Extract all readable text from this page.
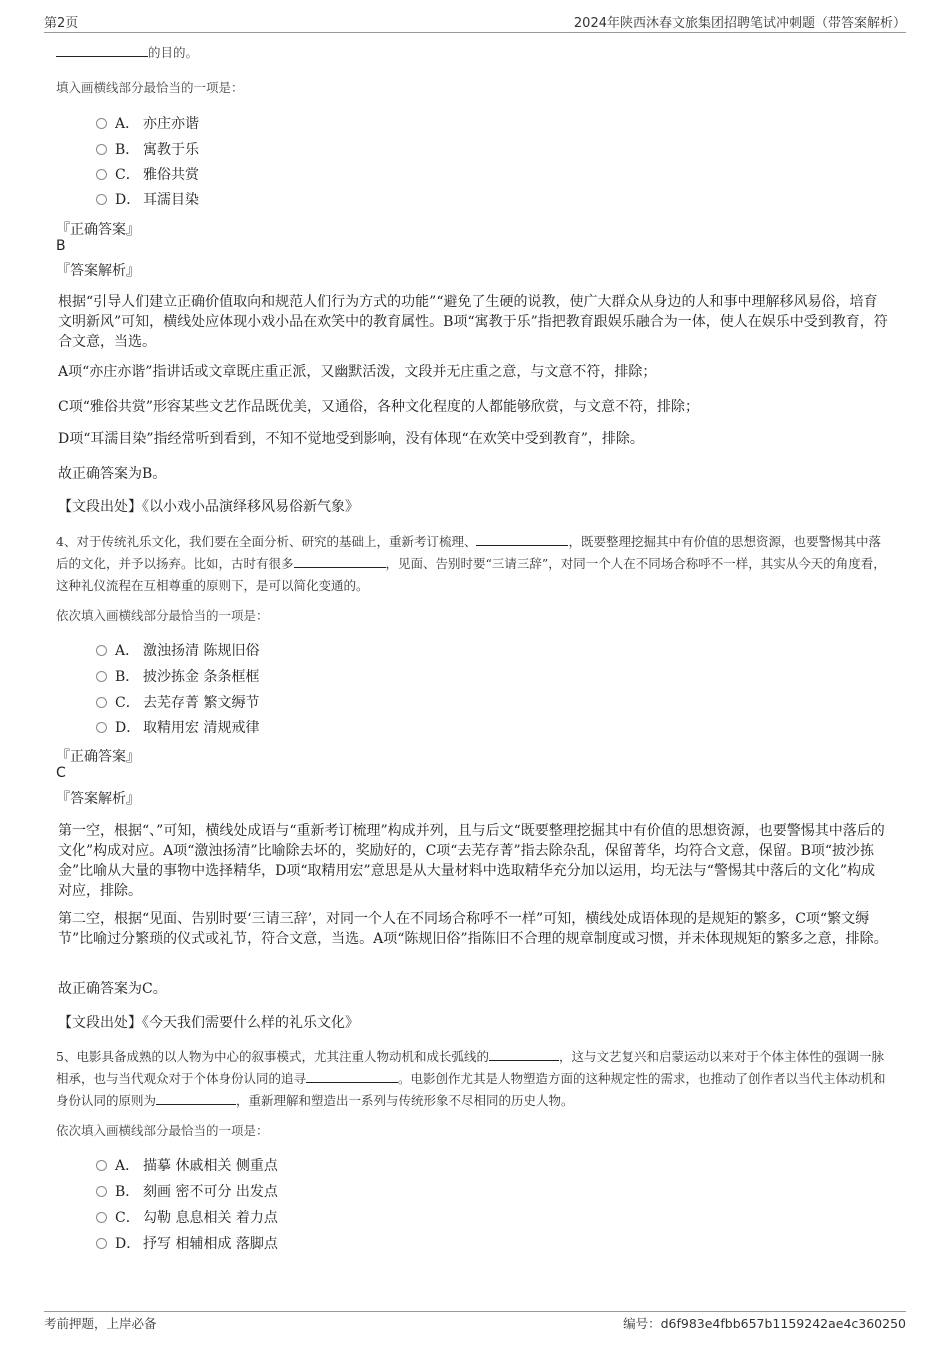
第2页	2024年陕西沐春文旅集团招聘笔试冲刺题（带答案解析）
的目的。
填入画横线部分最恰当的一项是：
A． 亦庄亦谐
B． 寓教于乐
C． 雅俗共赏
D． 耳濡目染
『正确答案』
B
『答案解析』
根据“引导人们建立正确价值取向和规范人们行为方式的功能”“避免了生硬的说教，使广大群众从身边的人和事中理解移风易俗，培育文明新风”可知，横线处应体现小戏小品在欢笑中的教育属性。B项“寓教于乐”指把教育跟娱乐融合为一体，使人在娱乐中受到教育，符合文意，当选。
A项“亦庄亦谐”指讲话或文章既庄重正派，又幽默活泼，文段并无庄重之意，与文意不符，排除；
C项“雅俗共赏”形容某些文艺作品既优美，又通俗，各种文化程度的人都能够欣赏，与文意不符，排除；
D项“耳濡目染”指经常听到看到，不知不觉地受到影响，没有体现“在欢笑中受到教育”，排除。
故正确答案为B。
【文段出处】《以小戏小品演绎移风易俗新气象》
4、对于传统礼乐文化，我们要在全面分析、研究的基础上，重新考订梳理、	，既要整理挖掘其中有价值的思想资源，也要警惕其中落后的文化，并予以扬弃。比如，古时有很多	，见面、告别时要“三请三辞”，对同一个人在不同场合称呼不一样，其实从今天的角度看，这种礼仪流程在互相尊重的原则下，是可以简化变通的。
依次填入画横线部分最恰当的一项是：
A． 激浊扬清 陈规旧俗
B． 披沙拣金 条条框框
C． 去芜存菁 繁文缛节
D． 取精用宏 清规戒律
『正确答案』
C
『答案解析』
第一空，根据“、”可知，横线处成语与“重新考订梳理”构成并列，且与后文“既要整理挖掘其中有价值的思想资源，也要警惕其中落后的文化”构成对应。A项“激浊扬清”比喻除去坏的，奖励好的，C项“去芜存菁”指去除杂乱，保留菁华，均符合文意，保留。B项“披沙拣金”比喻从大量的事物中选择精华，D项“取精用宏”意思是从大量材料中选取精华充分加以运用，均无法与“警惕其中落后的文化”构成对应，排除。
第二空，根据“见面、告别时要‘三请三辞’，对同一个人在不同场合称呼不一样”可知，横线处成语体现的是规矩的繁多，C项“繁文缛节”比喻过分繁琐的仪式或礼节，符合文意，当选。A项“陈规旧俗”指陈旧不合理的规章制度或习惯，并未体现规矩的繁多之意，排除。
故正确答案为C。
【文段出处】《今天我们需要什么样的礼乐文化》
5、电影具备成熟的以人物为中心的叙事模式，尤其注重人物动机和成长弧线的	，这与文艺复兴和启蒙运动以来对于个体主体性的强调一脉相承，也与当代观众对于个体身份认同的追寻	。电影创作尤其是人物塑造方面的这种规定性的需求，也推动了创作者以当代主体动机和身份认同的原则为	，重新理解和塑造出一系列与传统形象不尽相同的历史人物。
依次填入画横线部分最恰当的一项是：
A． 描摹 休戚相关 侧重点
B． 刻画 密不可分 出发点
C． 勾勒 息息相关 着力点
D． 抒写 相辅相成 落脚点
考前押题，上岸必备	编号：d6f983e4fbb657b1159242ae4c360250
